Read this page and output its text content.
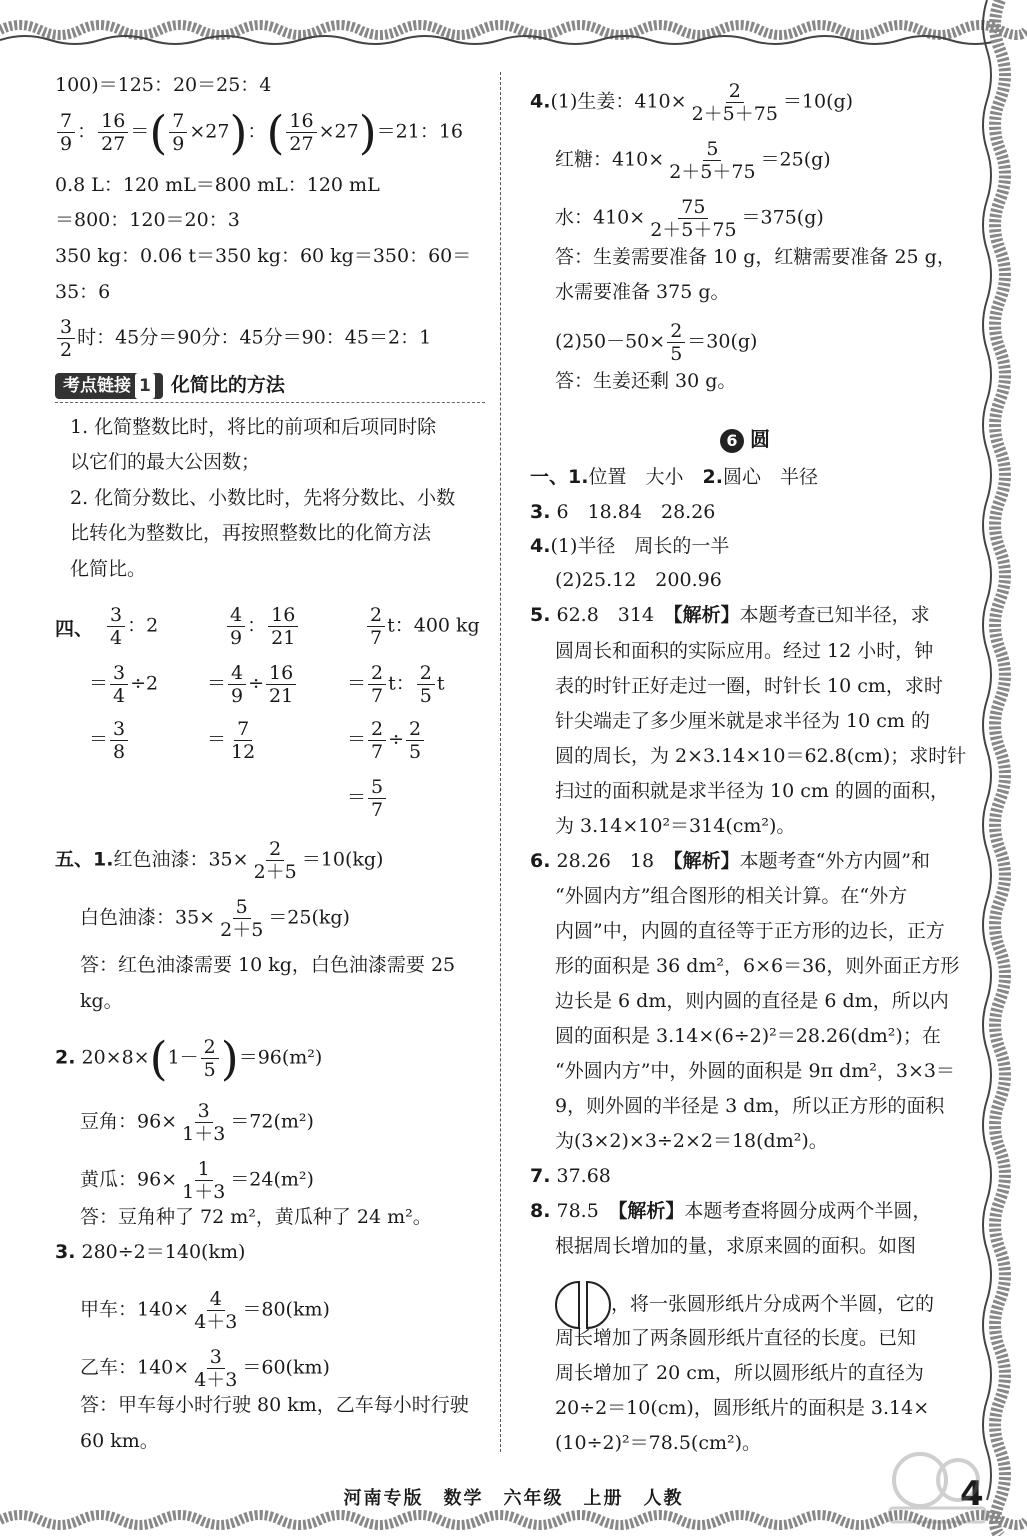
100)＝125：20＝25：4
$\frac{7}{9}$ ： $\frac{16}{27}$ ＝( $\frac{7}{9} \times 27$)：( $\frac{16}{27} \times 27)=21$：16
0.8 L：120 mL＝800 mL：120 mL
＝800：120＝20：3
350 kg：0.06 t＝350 kg：60 kg＝350：60＝
35：6
$\frac{3}{2}$ 时：45分＝90分：45分＝90：45＝2：1
考点链接 1 化简比的方法
1. 化简整数比时，将比的前项和后项同时除
以它们的最大公因数；
2. 化简分数比、小数比时，先将分数比、小数
比转化为整数比，再按照整数比的化简方法
化简比。
四、 $\frac{3}{4}$ ：2
＝ $\frac{3}{4} \div 2$
＝ $\frac{3}{8}$
$\frac{4}{9}$ ： $\frac{16}{21}$
＝ $\frac{4}{9} \div \frac{16}{21}$
＝ $\frac{7}{12}$
$\frac{2}{7}$ t：400 kg
＝ $\frac{2}{7}$ t： $\frac{2}{5}$ t
＝ $\frac{2}{7} \div \frac{2}{5}$
＝ $\frac{5}{7}$
五、1.红色油漆：$35\times \frac{2}{2+5} =10(kg)$
白色油漆：$35\times \frac{5}{2+5} =25(kg)$
答：红色油漆需要 10 kg，白色油漆需要 25
kg。
2. $20\times 8\times(1- \frac{2}{5} )=96(m^2)$
豆角：$96\times \frac{3}{1+3} =72(m^2)$
黄瓜：$96\times \frac{1}{1+3} =24(m^2)$
答：豆角种了 72 m²，黄瓜种了 24 m²。
3. 280÷2＝140(km)
甲车：$140\times \frac{4}{4+3} =80(km)$
乙车：$140\times \frac{3}{4+3} =60(km)$
答：甲车每小时行驶 80 km，乙车每小时行驶
60 km。
4.(1)生姜：$410\times \frac{2}{2+5+75} =10(g)$
红糖：$410\times \frac{5}{2+5+75} =25(g)$
水：$410\times \frac{75}{2+5+75} =375(g)$
答：生姜需要准备 10 g，红糖需要准备 25 g，
水需要准备 375 g。
$(2)50-50\times \frac{2}{5} =30(g)$
答：生姜还剩 30 g。
6 圆
一、1.位置　大小　2.圆心　半径
3. 6　18.84　28.26
4.(1)半径　周长的一半
(2)25.12　200.96
5. 62.8　314　【解析】本题考查已知半径，求
圆周长和面积的实际应用。经过 12 小时，钟
表的时针正好走过一圈，时针长 10 cm，求时
针尖端走了多少厘米就是求半径为 10 cm 的
圆的周长，为 2×3.14×10＝62.8(cm)；求时针
扫过的面积就是求半径为 10 cm 的圆的面积，
为 3.14×10²＝314(cm²)。
6. 28.26　18　【解析】本题考查“外方内圆”和
“外圆内方”组合图形的相关计算。在“外方
内圆”中，内圆的直径等于正方形的边长，正方
形的面积是 36 dm²，6×6＝36，则外面正方形
边长是 6 dm，则内圆的直径是 6 dm，所以内
圆的面积是 3.14×(6÷2)²＝28.26(dm²)；在
“外圆内方”中，外圆的面积是 9π dm²，3×3＝
9，则外圆的半径是 3 dm，所以正方形的面积
为(3×2)×3÷2×2＝18(dm²)。
7. 37.68
8. 78.5　【解析】本题考查将圆分成两个半圆，
根据周长增加的量，求原来圆的面积。如图
，将一张圆形纸片分成两个半圆，它的
周长增加了两条圆形纸片直径的长度。已知
周长增加了 20 cm，所以圆形纸片的直径为
20÷2＝10(cm)，圆形纸片的面积是 3.14×
(10÷2)²＝78.5(cm²)。
河南专版　数学　六年级　上册　人教	4
